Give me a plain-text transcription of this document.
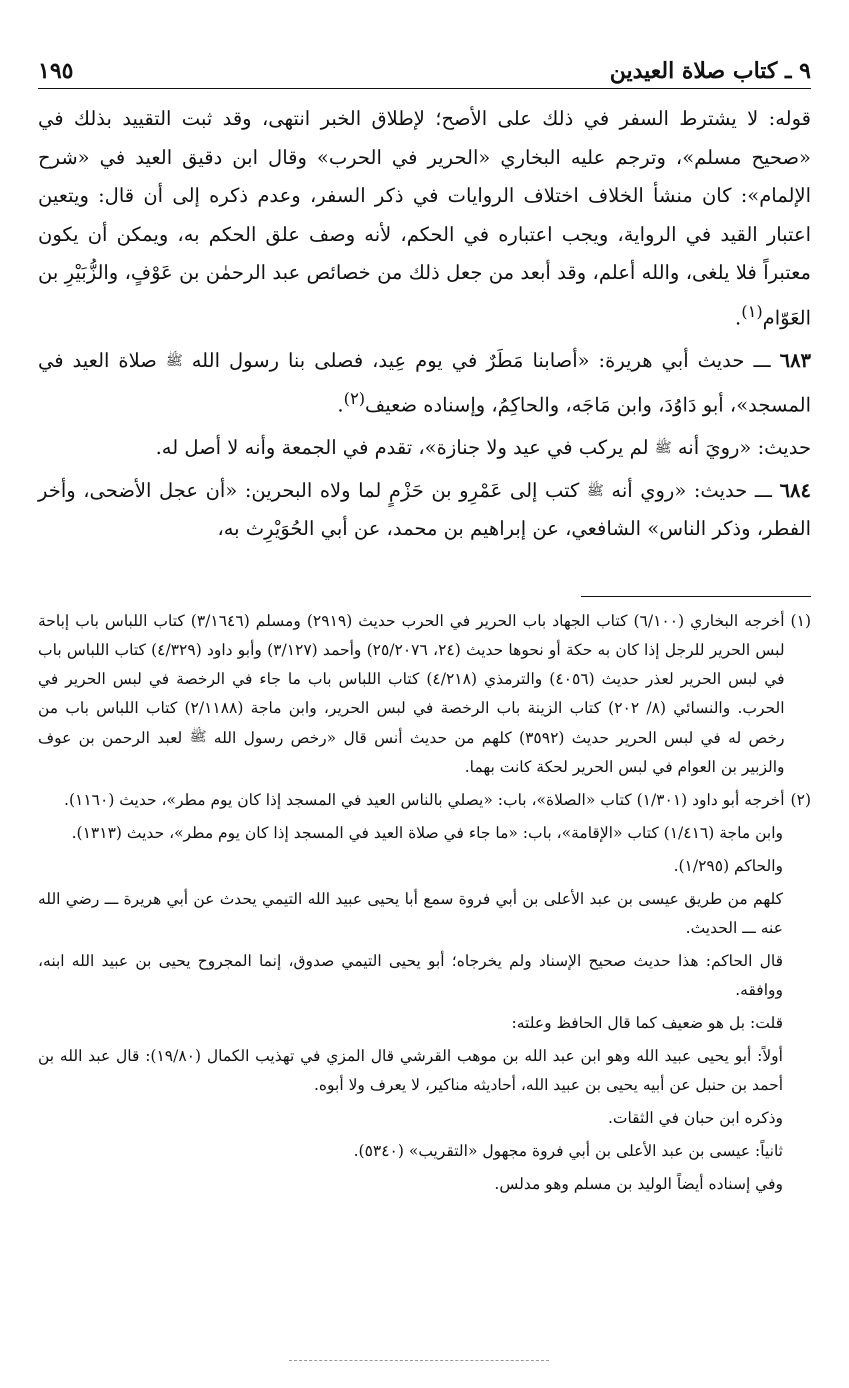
٩ ـ كتاب صلاة العيدين
١٩٥

قوله: لا يشترط السفر في ذلك على الأصح؛ لإطلاق الخبر انتهى، وقد ثبت التقييد بذلك في «صحيح مسلم»، وترجم عليه البخاري «الحرير في الحرب» وقال ابن دقيق العيد في «شرح الإلمام»: كان منشأ الخلاف اختلاف الروايات في ذكر السفر، وعدم ذكره إلى أن قال: ويتعين اعتبار القيد في الرواية، ويجب اعتباره في الحكم، لأنه وصف علق الحكم به، ويمكن أن يكون معتبراً فلا يلغى، والله أعلم، وقد أبعد من جعل ذلك من خصائص عبد الرحمٰن بن عَوْفٍ، والزُّبَيْرِ بن العَوّام$^{(١)}$.

٦٨٣ ـــ حديث أبي هريرة: «أصابنا مَطَرٌ في يوم عِيد، فصلى بنا رسول الله ﷺ صلاة العيد في المسجد»، أبو دَاوُدَ، وابن مَاجَه، والحاكِمُ، وإسناده ضعيف$^{(٢)}$.

حديث: «رويَ أنه ﷺ لم يركب في عيد ولا جنازة»، تقدم في الجمعة وأنه لا أصل له.

٦٨٤ ـــ حديث: «روي أنه ﷺ كتب إلى عَمْرِو بن حَزْمٍ لما ولاه البحرين: «أن عجل الأضحى، وأخر الفطر، وذكر الناس» الشافعي، عن إبراهيم بن محمد، عن أبي الحُوَيْرِث به،

(١)

أخرجه البخاري (٦/١٠٠) كتاب الجهاد باب الحرير في الحرب حديث (٢٩١٩) ومسلم (٣/١٦٤٦) كتاب اللباس باب إباحة لبس الحرير للرجل إذا كان به حكة أو نحوها حديث (٢٤، ٢٥/٢٠٧٦) وأحمد (٣/١٢٧) وأبو داود (٤/٣٢٩) كتاب اللباس باب في لبس الحرير لعذر حديث (٤٠٥٦) والترمذي (٤/٢١٨) كتاب اللباس باب ما جاء في الرخصة في لبس الحرير في الحرب. والنسائي (٨/ ٢٠٢) كتاب الزينة باب الرخصة في لبس الحرير، وابن ماجة (٢/١١٨٨) كتاب اللباس باب من رخص له في لبس الحرير حديث (٣٥٩٢) كلهم من حديث أنس قال «رخص رسول الله ﷺ لعبد الرحمن بن عوف والزبير بن العوام في لبس الحرير لحكة كانت بهما.

(٢)

أخرجه أبو داود (١/٣٠١) كتاب «الصلاة»، باب: «يصلي بالناس العيد في المسجد إذا كان يوم مطر»، حديث (١١٦٠).

وابن ماجة (١/٤١٦) كتاب «الإقامة»، باب: «ما جاء في صلاة العيد في المسجد إذا كان يوم مطر»، حديث (١٣١٣).

والحاكم (١/٢٩٥).

كلهم من طريق عيسى بن عبد الأعلى بن أبي فروة سمع أبا يحيى عبيد الله التيمي يحدث عن أبي هريرة ـــ رضي الله عنه ـــ الحديث.

قال الحاكم: هذا حديث صحيح الإسناد ولم يخرجاه؛ أبو يحيى التيمي صدوق، إنما المجروح يحيى بن عبيد الله ابنه، ووافقه.

قلت: بل هو ضعيف كما قال الحافظ وعلته:

أولاً: أبو يحيى عبيد الله وهو ابن عبد الله بن موهب القرشي قال المزي في تهذيب الكمال (١٩/٨٠): قال عبد الله بن أحمد بن حنبل عن أبيه يحيى بن عبيد الله، أحاديثه مناكير، لا يعرف ولا أبوه.

وذكره ابن حبان في الثقات.

ثانياً: عيسى بن عبد الأعلى بن أبي فروة مجهول «التقريب» (٥٣٤٠).

وفي إسناده أيضاً الوليد بن مسلم وهو مدلس.
